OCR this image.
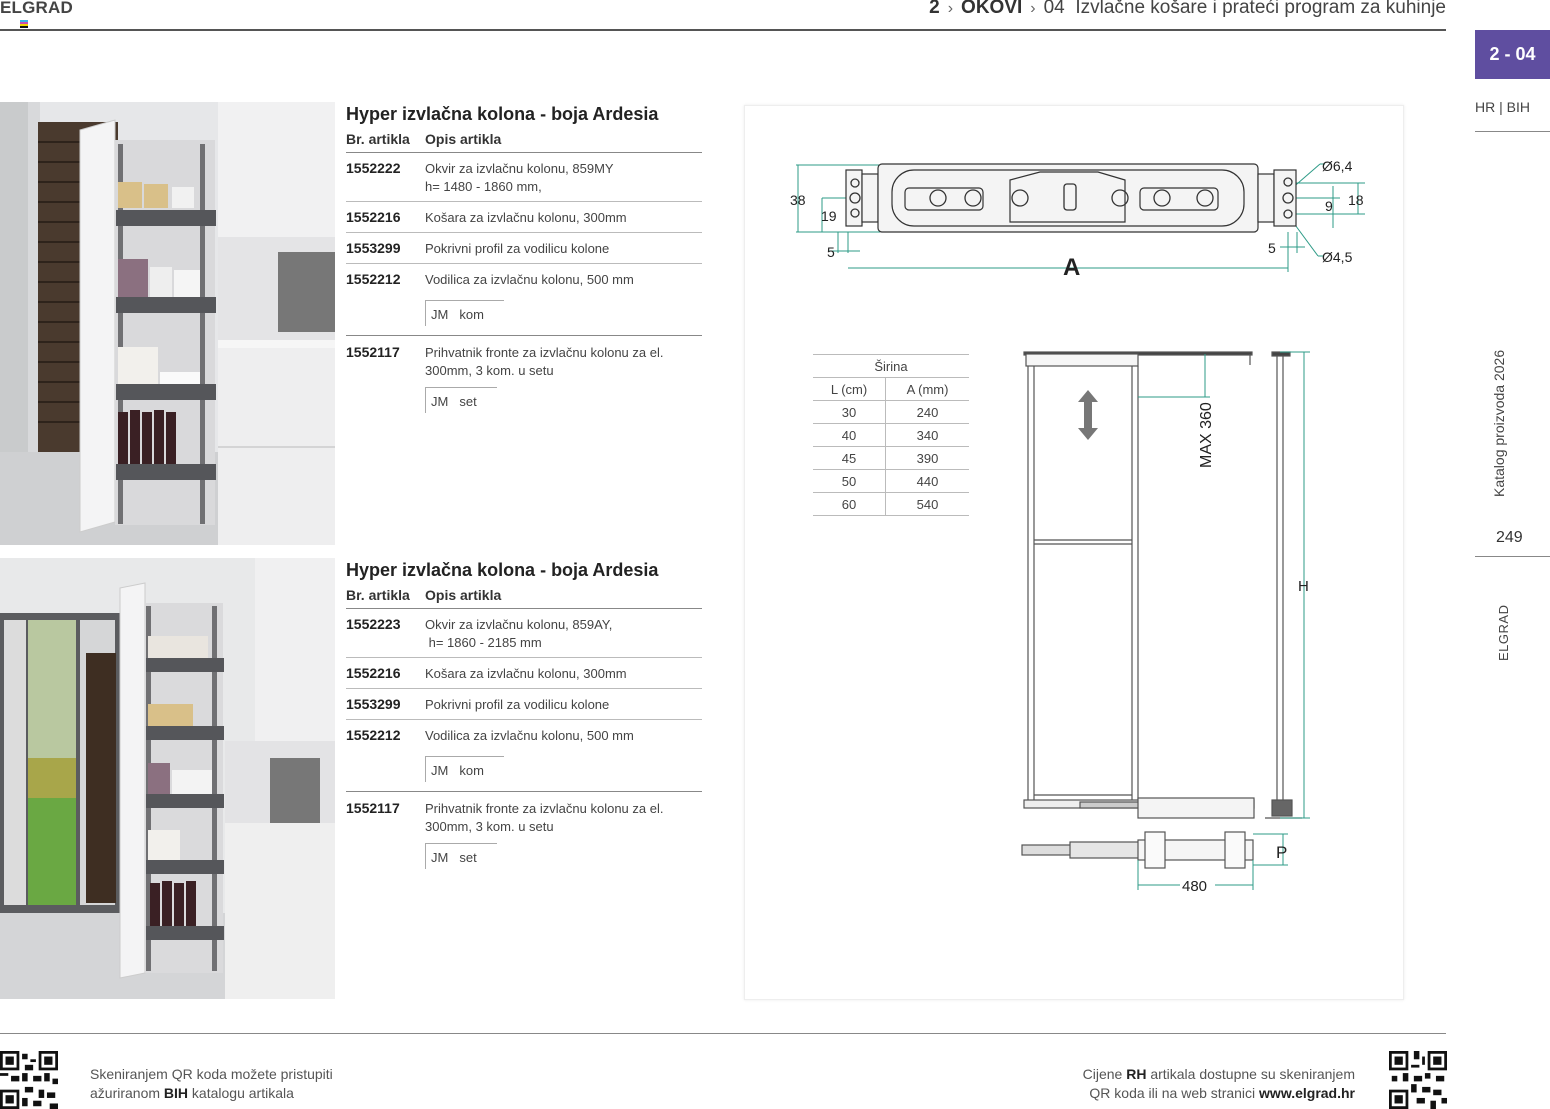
ELGRAD	2 › OKOVI › 04 Izvlačne košare i prateći program za kuhinje
2 - 04
HR | BIH
Katalog proizvoda 2026
249
ELGRAD
Hyper izvlačna kolona - boja Ardesia
Br. artikla	Opis artikla
1552222	Okvir za izvlačnu kolonu, 859MY
h= 1480 - 1860 mm,
1552216	Košara za izvlačnu kolonu, 300mm
1553299	Pokrivni profil za vodilicu kolone
1552212	Vodilica za izvlačnu kolonu, 500 mm
JM kom
1552117	Prihvatnik fronte za izvlačnu kolonu za el.
300mm, 3 kom. u setu
JM set
Hyper izvlačna kolona - boja Ardesia
Br. artikla	Opis artikla
1552223	Okvir za izvlačnu kolonu, 859AY,
h= 1860 - 2185 mm
1552216	Košara za izvlačnu kolonu, 300mm
1553299	Pokrivni profil za vodilicu kolone
1552212	Vodilica za izvlačnu kolonu, 500 mm
JM kom
1552117	Prihvatnik fronte za izvlačnu kolonu za el.
300mm, 3 kom. u setu
JM set
38
19
5
A
5
9 18
Ø6,4
Ø4,5
Širina	
L (cm)	A (mm)
30	240
40	340
45	390
50	440
60	540
MAX 360
H
P
480
Skeniranjem QR koda možete pristupiti
ažuriranom BIH katalogu artikala
Cijene RH artikala dostupne su skeniranjem
QR koda ili na web stranici www.elgrad.hr
